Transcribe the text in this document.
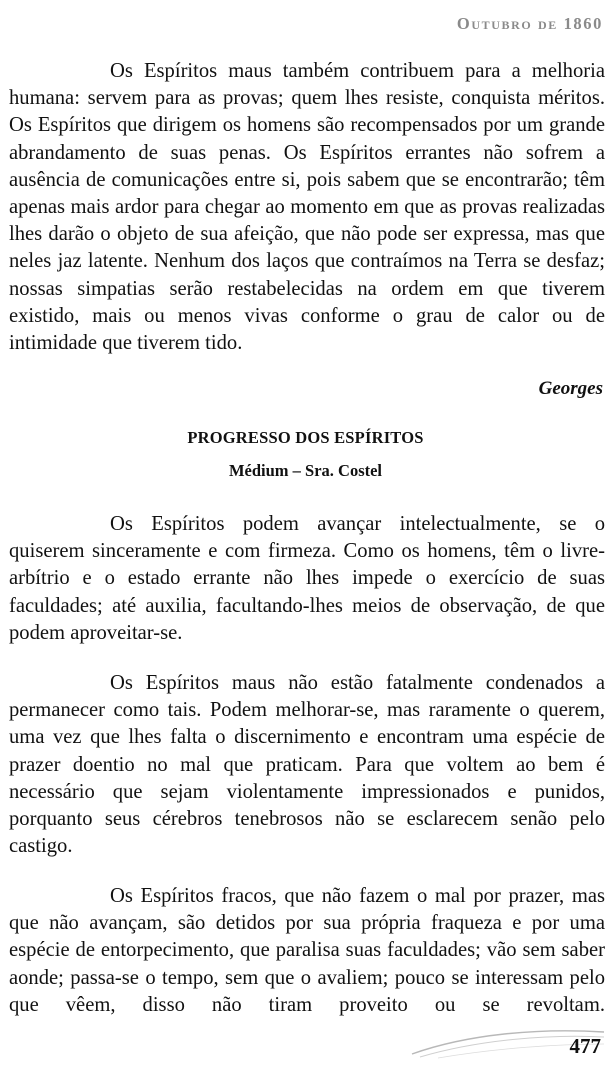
Outubro de 1860

Os Espíritos maus também contribuem para a melhoria humana: servem para as provas; quem lhes resiste, conquista méritos. Os Espíritos que dirigem os homens são recompensados por um grande abrandamento de suas penas. Os Espíritos errantes não sofrem a ausência de comunicações entre si, pois sabem que se encontrarão; têm apenas mais ardor para chegar ao momento em que as provas realizadas lhes darão o objeto de sua afeição, que não pode ser expressa, mas que neles jaz latente. Nenhum dos laços que contraímos na Terra se desfaz; nossas simpatias serão restabelecidas na ordem em que tiverem existido, mais ou menos vivas conforme o grau de calor ou de intimidade que tiverem tido.

Georges
PROGRESSO DOS ESPÍRITOS
Médium – Sra. Costel

Os Espíritos podem avançar intelectualmente, se o quiserem sinceramente e com firmeza. Como os homens, têm o livre-arbítrio e o estado errante não lhes impede o exercício de suas faculdades; até auxilia, facultando-lhes meios de observação, de que podem aproveitar-se.

Os Espíritos maus não estão fatalmente condenados a permanecer como tais. Podem melhorar-se, mas raramente o querem, uma vez que lhes falta o discernimento e encontram uma espécie de prazer doentio no mal que praticam. Para que voltem ao bem é necessário que sejam violentamente impressionados e punidos, porquanto seus cérebros tenebrosos não se esclarecem senão pelo castigo.

Os Espíritos fracos, que não fazem o mal por prazer, mas que não avançam, são detidos por sua própria fraqueza e por uma espécie de entorpecimento, que paralisa suas faculdades; vão sem saber aonde; passa-se o tempo, sem que o avaliem; pouco se interessam pelo que vêem, disso não tiram proveito ou se revoltam.

477
